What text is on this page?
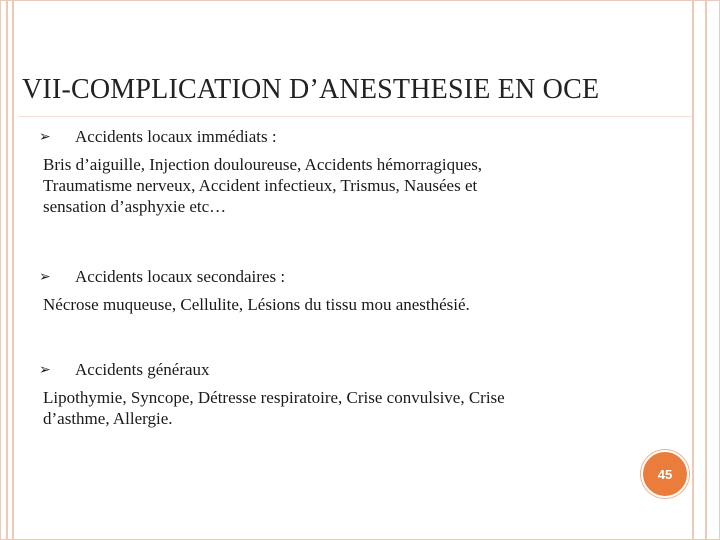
VII-COMPLICATION D’ANESTHESIE EN OCE
➢ Accidents locaux immédiats :

Bris d’aiguille, Injection douloureuse, Accidents hémorragiques,
Traumatisme nerveux, Accident infectieux, Trismus, Nausées et
sensation d’asphyxie etc…

➢ Accidents locaux secondaires :

Nécrose muqueuse, Cellulite, Lésions du tissu mou anesthésié.

➢ Accidents généraux

Lipothymie, Syncope, Détresse respiratoire, Crise convulsive, Crise
d’asthme, Allergie.

45
